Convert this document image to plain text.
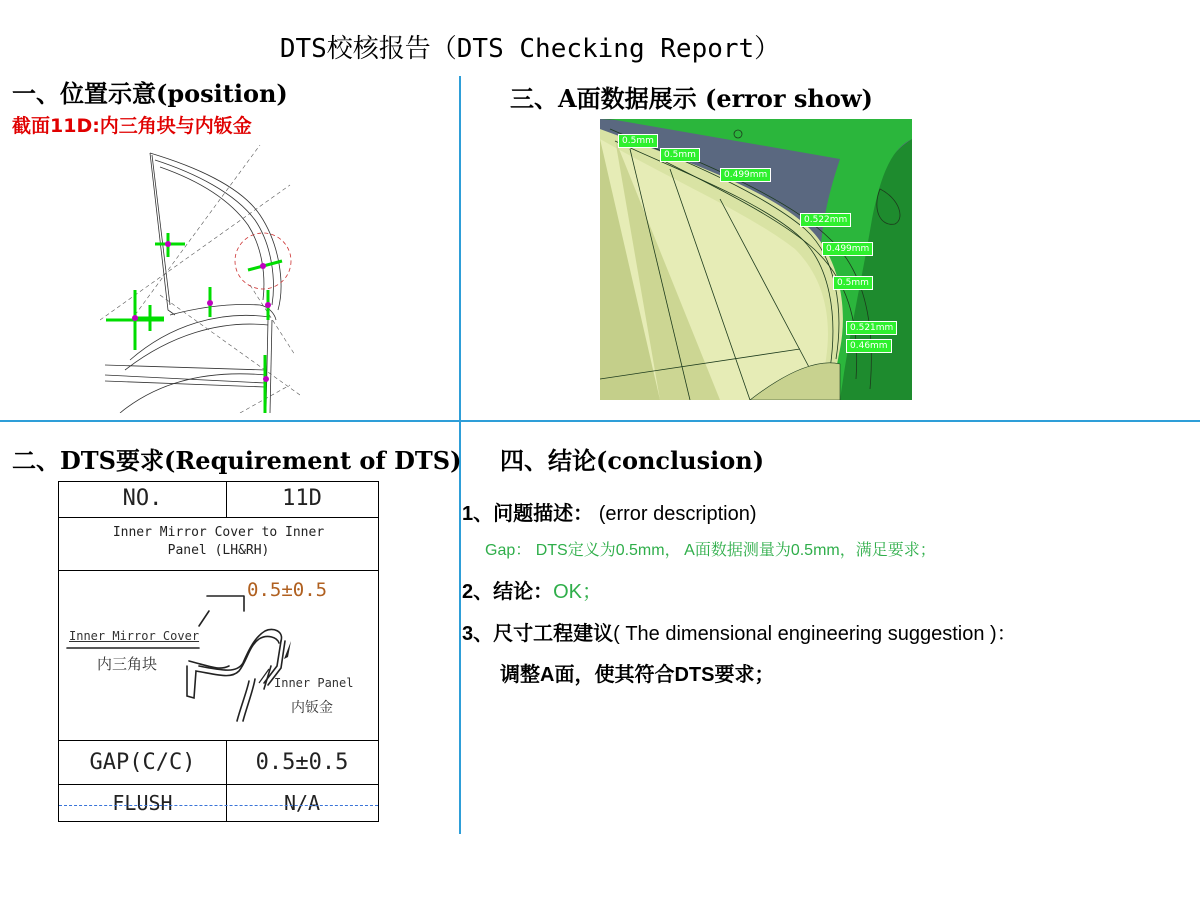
DTS校核报告（DTS Checking Report）
一、位置示意(position)
截面11D:内三角块与内钣金
三、A面数据展示 (error show)
0.5mm
0.5mm
0.499mm
0.522mm
0.499mm
0.5mm
0.521mm
0.46mm
二、DTS要求(Requirement of DTS)
NO.	11D
Inner Mirror Cover to Inner Panel (LH&RH)
0.5±0.5
Inner Mirror Cover
内三角块
Inner Panel
内钣金
GAP(C/C)	0.5±0.5
FLUSH	N/A
四、结论(conclusion)
1、问题描述： (error description)
Gap： DTS定义为0.5mm， A面数据测量为0.5mm，满足要求；
2、结论：OK；
3、尺寸工程建议( The dimensional engineering suggestion )：
调整A面，使其符合DTS要求；
